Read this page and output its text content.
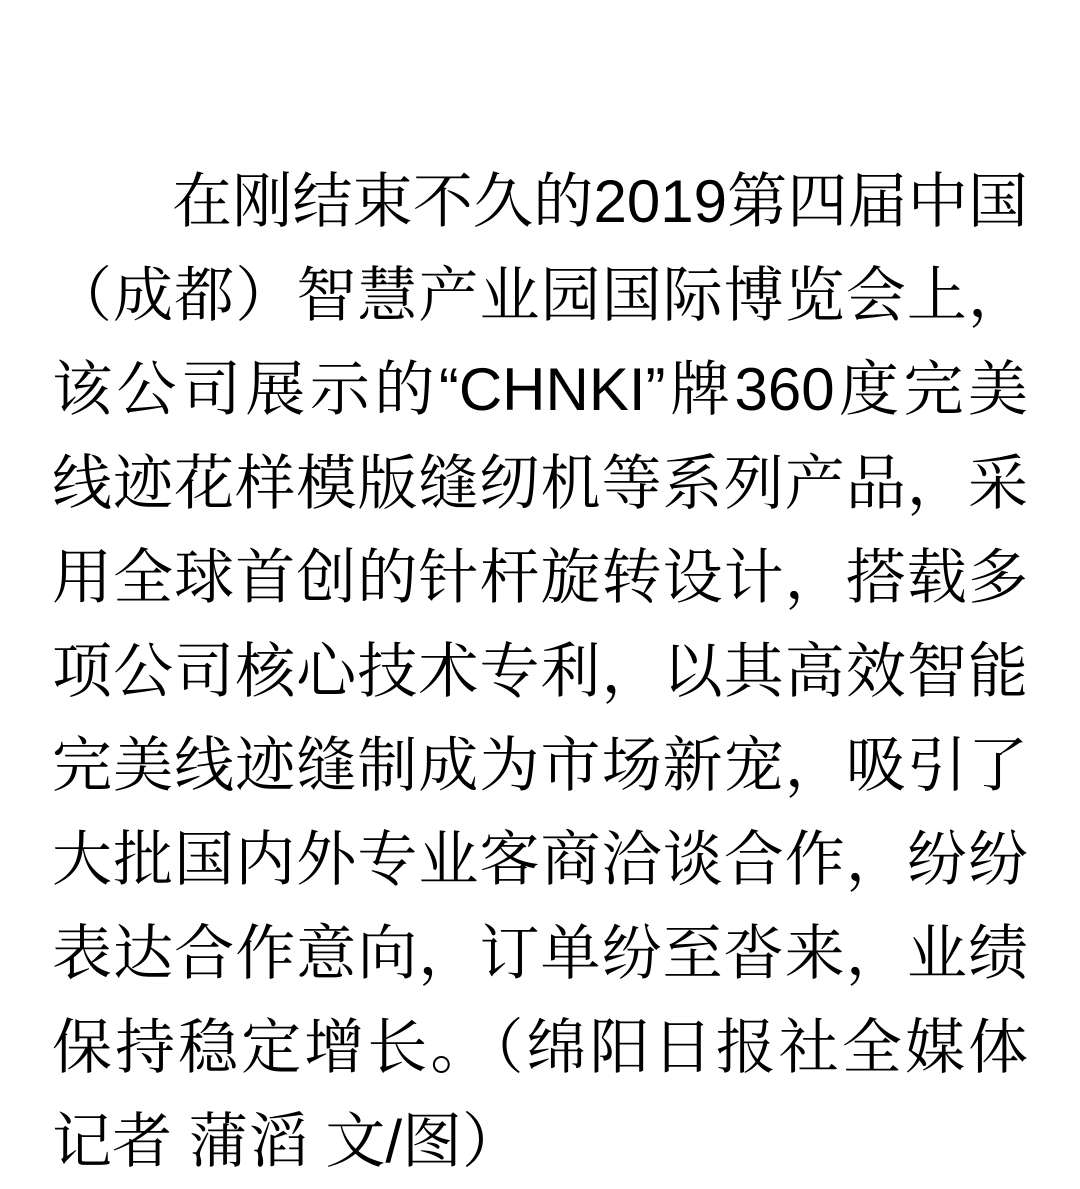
在刚结束不久的2019第四届中国（成都）智慧产业园国际博览会上，该公司展示的“CHNKI”牌360度完美线迹花样模版缝纫机等系列产品，采用全球首创的针杆旋转设计，搭载多项公司核心技术专利，以其高效智能完美线迹缝制成为市场新宠，吸引了大批国内外专业客商洽谈合作，纷纷表达合作意向，订单纷至沓来，业绩保持稳定增长。（绵阳日报社全媒体记者 蒲滔 文/图）
